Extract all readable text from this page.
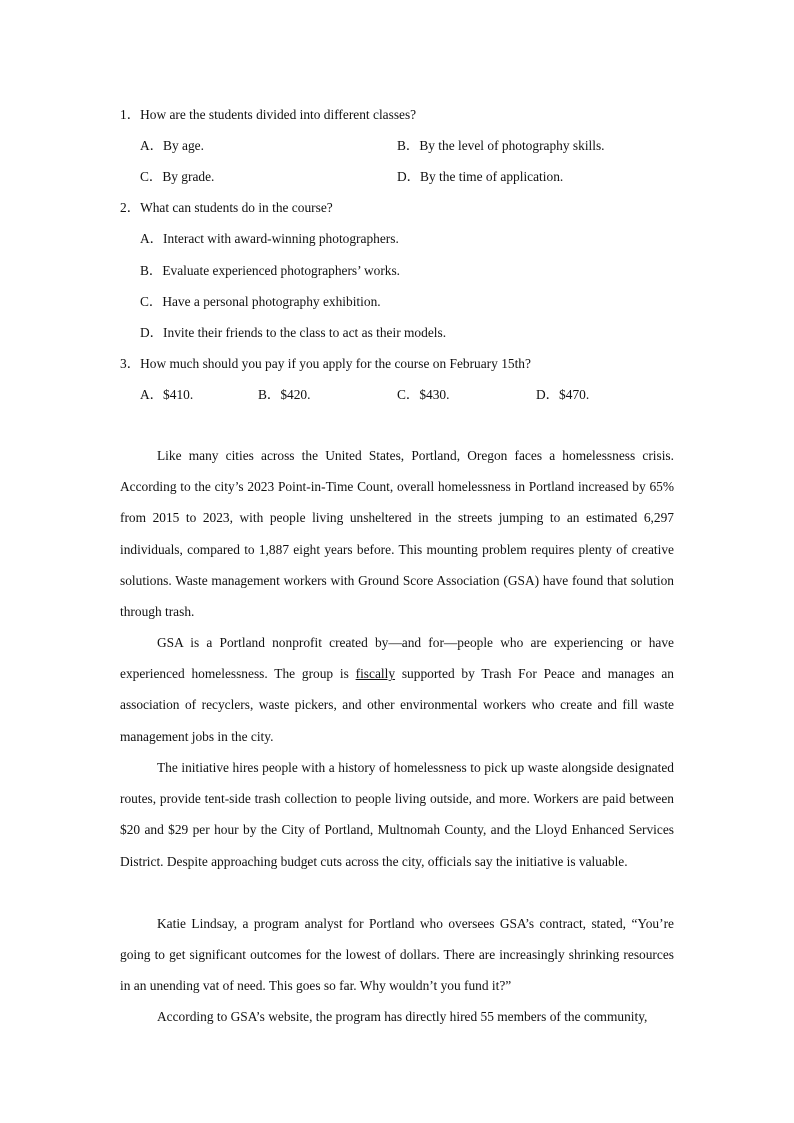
1．How are the students divided into different classes?
A．By age.	B．By the level of photography skills.
C．By grade.	D．By the time of application.
2．What can students do in the course?
A．Interact with award-winning photographers.
B．Evaluate experienced photographers’ works.
C．Have a personal photography exhibition.
D．Invite their friends to the class to act as their models.
3．How much should you pay if you apply for the course on February 15th?
A．$410.	B．$420.	C．$430.	D．$470.

Like many cities across the United States, Portland, Oregon faces a homelessness crisis. According to the city’s 2023 Point-in-Time Count, overall homelessness in Portland increased by 65% from 2015 to 2023, with people living unsheltered in the streets jumping to an estimated 6,297 individuals, compared to 1,887 eight years before. This mounting problem requires plenty of creative solutions. Waste management workers with Ground Score Association (GSA) have found that solution through trash.

GSA is a Portland nonprofit created by—and for—people who are experiencing or have experienced homelessness. The group is fiscally supported by Trash For Peace and manages an association of recyclers, waste pickers, and other environmental workers who create and fill waste management jobs in the city.

The initiative hires people with a history of homelessness to pick up waste alongside designated routes, provide tent-side trash collection to people living outside, and more. Workers are paid between $20 and $29 per hour by the City of Portland, Multnomah County, and the Lloyd Enhanced Services District. Despite approaching budget cuts across the city, officials say the initiative is valuable.

Katie Lindsay, a program analyst for Portland who oversees GSA’s contract, stated, “You’re going to get significant outcomes for the lowest of dollars. There are increasingly shrinking resources in an unending vat of need. This goes so far. Why wouldn’t you fund it?”

According to GSA’s website, the program has directly hired 55 members of the community,
